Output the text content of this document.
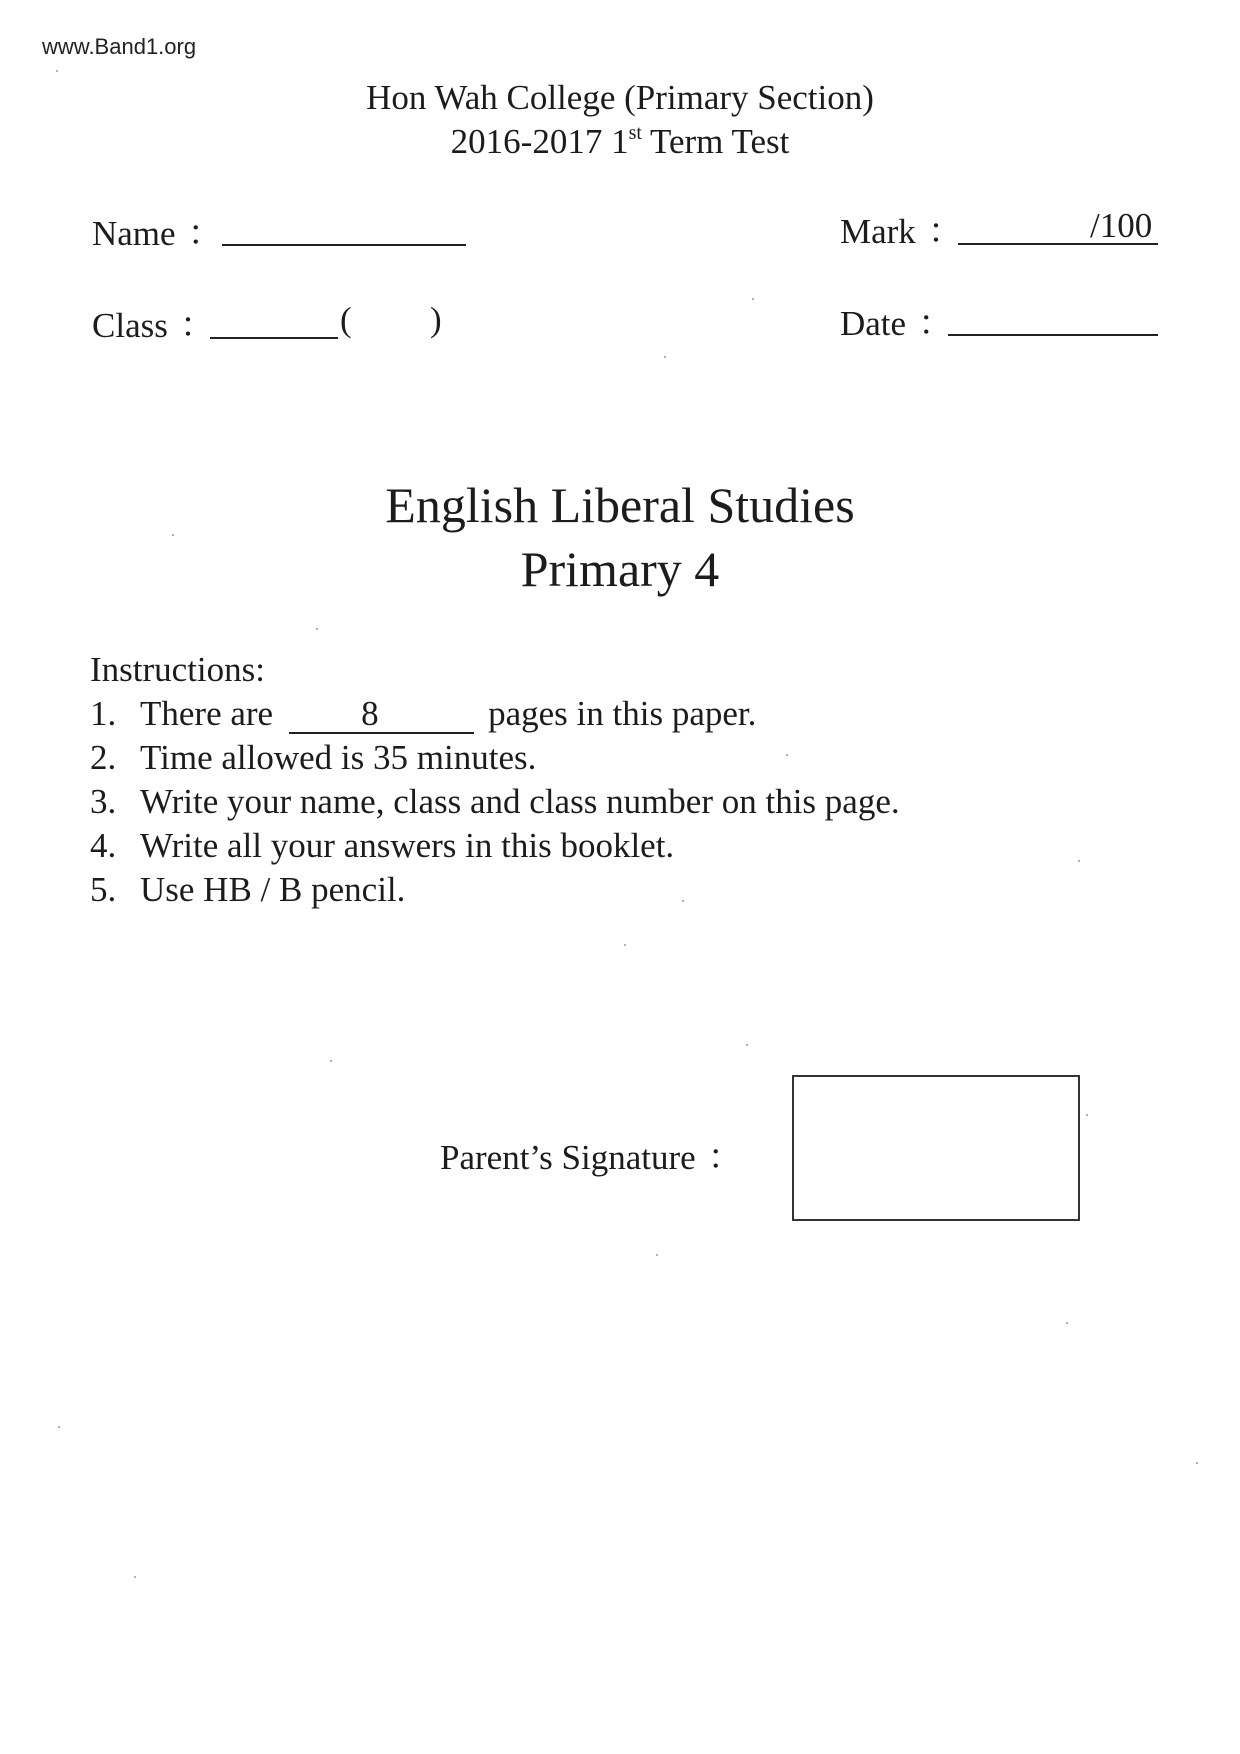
www.Band1.org
Hon Wah College (Primary Section)
2016-2017 1st Term Test
Name ：	Mark ：	/100
Class ：	( )	Date ：
English Liberal Studies
Primary 4
Instructions:
1. There are	8	pages in this paper.
2. Time allowed is 35 minutes.
3. Write your name, class and class number on this page.
4. Write all your answers in this booklet.
5. Use HB / B pencil.
Parent’s Signature ：
